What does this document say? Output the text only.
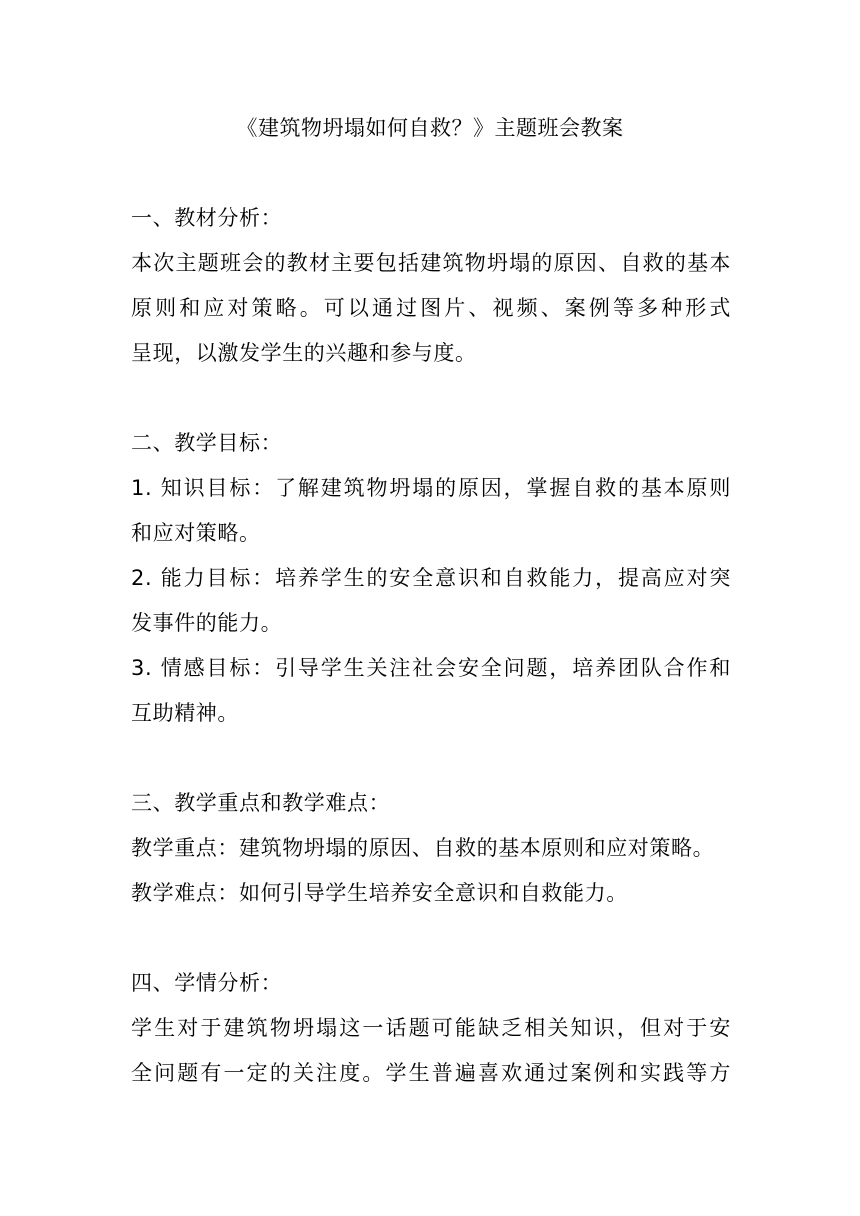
《建筑物坍塌如何自救？》主题班会教案
一、教材分析：
本次主题班会的教材主要包括建筑物坍塌的原因、自救的基本
原则和应对策略。可以通过图片、视频、案例等多种形式
呈现，以激发学生的兴趣和参与度。
二、教学目标：
1. 知识目标：了解建筑物坍塌的原因，掌握自救的基本原则
和应对策略。
2. 能力目标：培养学生的安全意识和自救能力，提高应对突
发事件的能力。
3. 情感目标：引导学生关注社会安全问题，培养团队合作和
互助精神。
三、教学重点和教学难点：
教学重点：建筑物坍塌的原因、自救的基本原则和应对策略。
教学难点：如何引导学生培养安全意识和自救能力。
四、学情分析：
学生对于建筑物坍塌这一话题可能缺乏相关知识，但对于安
全问题有一定的关注度。学生普遍喜欢通过案例和实践等方
